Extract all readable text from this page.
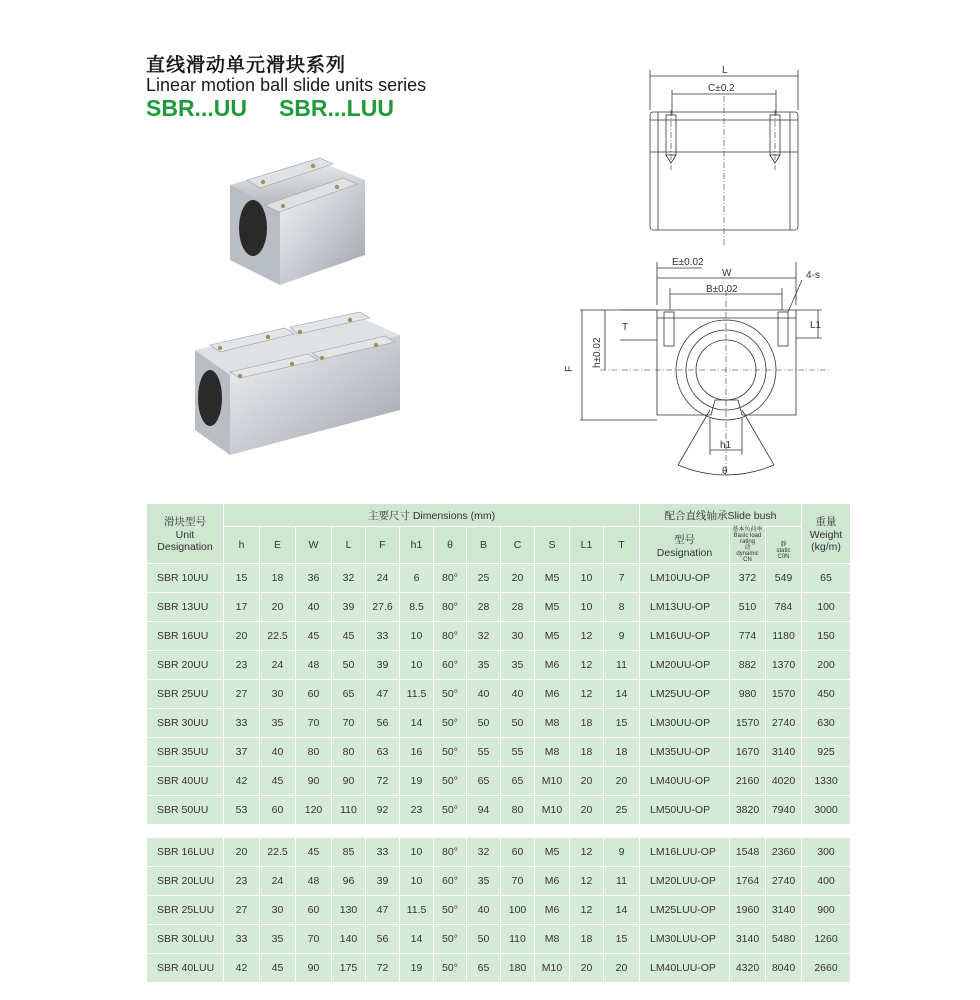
直线滑动单元滑块系列
Linear motion ball slide units series
SBR...UU SBR...LUU
L
C±0.2
E±0.02
W
B±0.02
4-s
T	L1
h±0.02
F
h1
θ
滑块型号
Unit
Designation	主要尺寸 Dimensions (mm)												配合直线轴承Slide bush			重量
Weight
(kg/m)
	h	E	W	L	F	h1	θ	B	C	S	L1	T	型号
Designation	基本负荷率
Basic load rating
动
dynamic
CN	静
static
C0N	

SBR 10UU	15	18	36	32	24	6	80°	25	20	M5	10	7	LM10UU-OP	372	549	65
SBR 13UU	17	20	40	39	27.6	8.5	80°	28	28	M5	10	8	LM13UU-OP	510	784	100
SBR 16UU	20	22.5	45	45	33	10	80°	32	30	M5	12	9	LM16UU-OP	774	1180	150
SBR 20UU	23	24	48	50	39	10	60°	35	35	M6	12	11	LM20UU-OP	882	1370	200
SBR 25UU	27	30	60	65	47	11.5	50°	40	40	M6	12	14	LM25UU-OP	980	1570	450
SBR 30UU	33	35	70	70	56	14	50°	50	50	M8	18	15	LM30UU-OP	1570	2740	630
SBR 35UU	37	40	80	80	63	16	50°	55	55	M8	18	18	LM35UU-OP	1670	3140	925
SBR 40UU	42	45	90	90	72	19	50°	65	65	M10	20	20	LM40UU-OP	2160	4020	1330
SBR 50UU	53	60	120	110	92	23	50°	94	80	M10	20	25	LM50UU-OP	3820	7940	3000
SBR 16LUU	20	22.5	45	85	33	10	80°	32	60	M5	12	9	LM16LUU-OP	1548	2360	300
SBR 20LUU	23	24	48	96	39	10	60°	35	70	M6	12	11	LM20LUU-OP	1764	2740	400
SBR 25LUU	27	30	60	130	47	11.5	50°	40	100	M6	12	14	LM25LUU-OP	1960	3140	900
SBR 30LUU	33	35	70	140	56	14	50°	50	110	M8	18	15	LM30LUU-OP	3140	5480	1260
SBR 40LUU	42	45	90	175	72	19	50°	65	180	M10	20	20	LM40LUU-OP	4320	8040	2660
